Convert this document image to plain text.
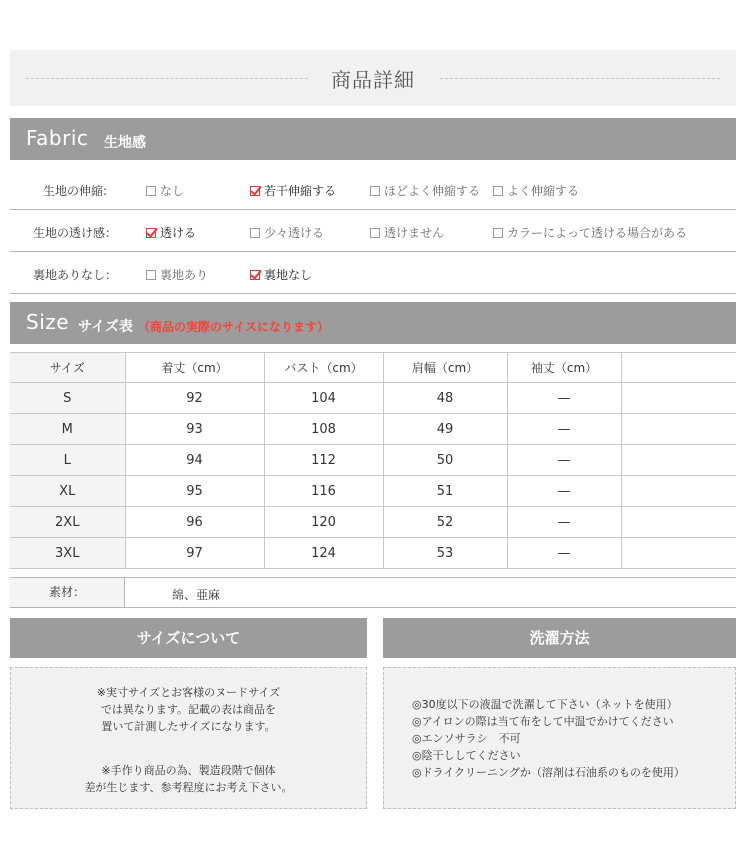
商品詳細
Fabric 生地感
生地の伸縮:	なし	若干伸縮する	ほどよく伸縮する	よく伸縮する
生地の透け感：	透ける	少々透ける	透けません	カラーによって透ける場合がある
裏地ありなし：	裏地あり	裏地なし
Size サイズ表 （商品の実際のサイスになります）
サイズ	着丈（cm）	バスト（cm）	肩幅（cm）	袖丈（cm）	
S	92	104	48	—	
M	93	108	49	—	
L	94	112	50	—	
XL	95	116	51	—	
2XL	96	120	52	—	
3XL	97	124	53	—	
素材：	綿、亜麻
サイズについて
※実寸サイズとお客様のヌードサイズ
では異なります。記載の表は商品を
置いて計測したサイズになります。
※手作り商品の為、製造段階で個体
差が生じます、参考程度にお考え下さい。
洗濯方法
◎30度以下の液温で洗濯して下さい（ネットを使用）
◎アイロンの際は当て布をして中温でかけてください
◎エンソサラシ　不可
◎陰干ししてください
◎ドライクリーニングか（溶剤は石油系のものを使用）
